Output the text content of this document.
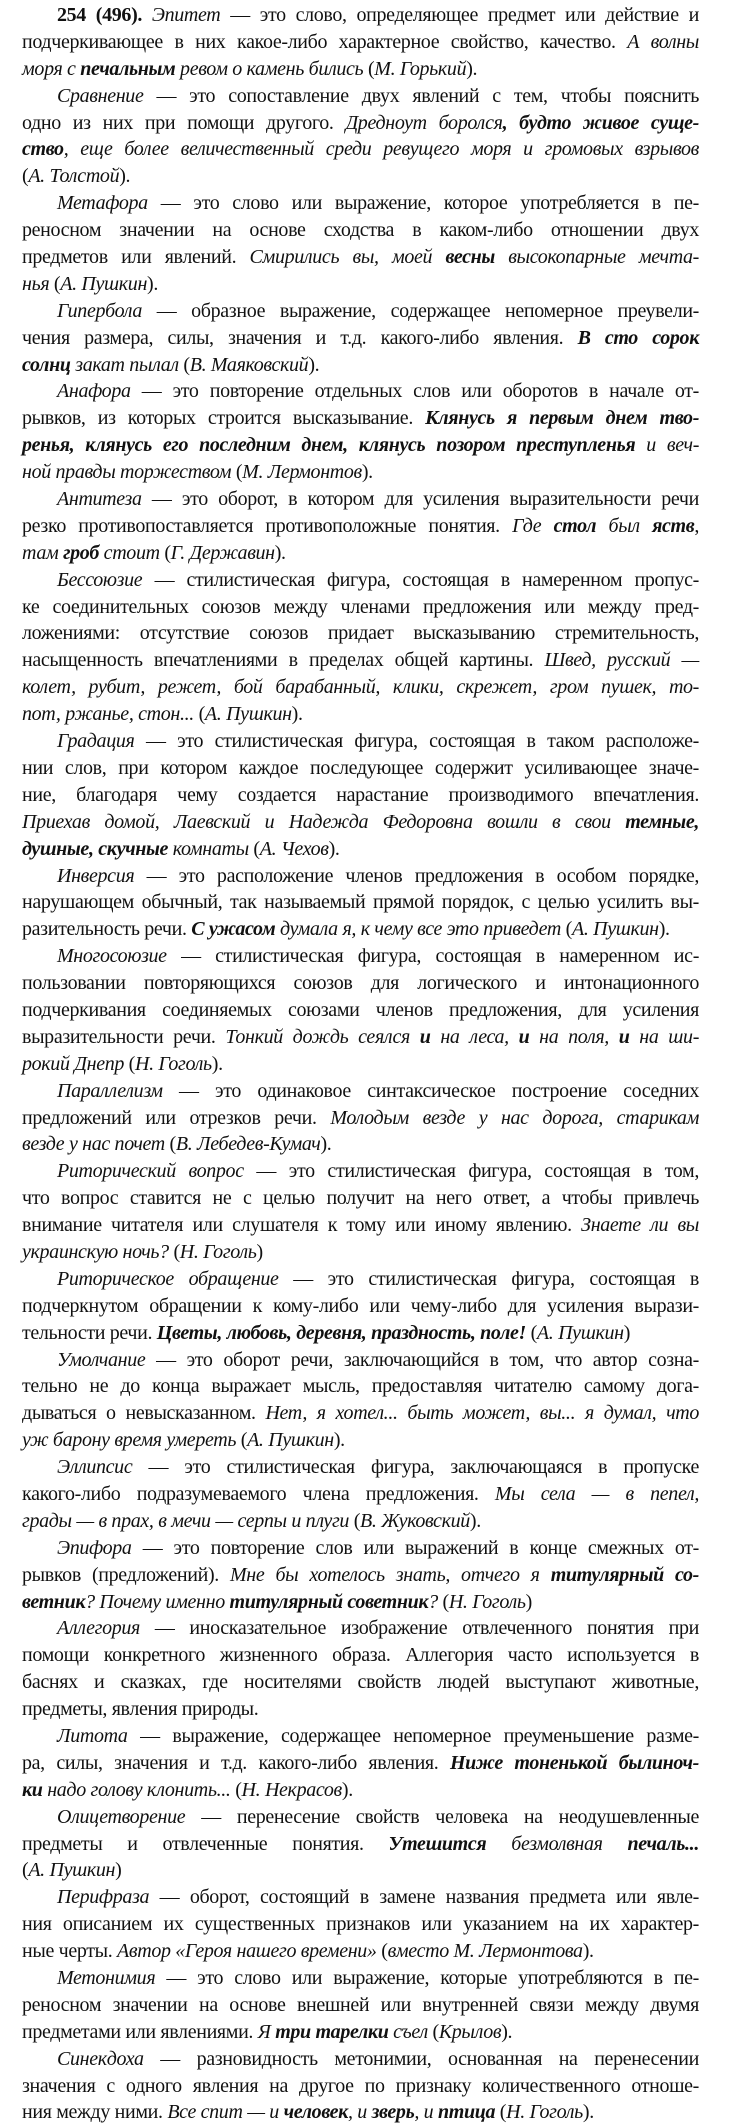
254 (496). Эпитет — это слово, определяющее предмет или действие и
подчеркивающее в них какое-либо характерное свойство, качество. А волны
моря с печальным ревом о камень бились (М. Горький).
Сравнение — это сопоставление двух явлений с тем, чтобы пояснить
одно из них при помощи другого. Дредноут боролся, будто живое суще-
ство, еще более величественный среди ревущего моря и громовых взрывов
(А. Толстой).
Метафора — это слово или выражение, которое употребляется в пе-
реносном значении на основе сходства в каком-либо отношении двух
предметов или явлений. Смирились вы, моей весны высокопарные мечта-
нья (А. Пушкин).
Гипербола — образное выражение, содержащее непомерное преувели-
чения размера, силы, значения и т.д. какого-либо явления. В сто сорок
солнц закат пылал (В. Маяковский).
Анафора — это повторение отдельных слов или оборотов в начале от-
рывков, из которых строится высказывание. Клянусь я первым днем тво-
ренья, клянусь его последним днем, клянусь позором преступленья и веч-
ной правды торжеством (М. Лермонтов).
Антитеза — это оборот, в котором для усиления выразительности речи
резко противопоставляется противоположные понятия. Где стол был яств,
там гроб стоит (Г. Державин).
Бессоюзие — стилистическая фигура, состоящая в намеренном пропус-
ке соединительных союзов между членами предложения или между пред-
ложениями: отсутствие союзов придает высказыванию стремительность,
насыщенность впечатлениями в пределах общей картины. Швед, русский —
колет, рубит, режет, бой барабанный, клики, скрежет, гром пушек, то-
пот, ржанье, стон... (А. Пушкин).
Градация — это стилистическая фигура, состоящая в таком расположе-
нии слов, при котором каждое последующее содержит усиливающее значе-
ние, благодаря чему создается нарастание производимого впечатления.
Приехав домой, Лаевский и Надежда Федоровна вошли в свои темные,
душные, скучные комнаты (А. Чехов).
Инверсия — это расположение членов предложения в особом порядке,
нарушающем обычный, так называемый прямой порядок, с целью усилить вы-
разительность речи. С ужасом думала я, к чему все это приведет (А. Пушкин).
Многосоюзие — стилистическая фигура, состоящая в намеренном ис-
пользовании повторяющихся союзов для логического и интонационного
подчеркивания соединяемых союзами членов предложения, для усиления
выразительности речи. Тонкий дождь сеялся и на леса, и на поля, и на ши-
рокий Днепр (Н. Гоголь).
Параллелизм — это одинаковое синтаксическое построение соседних
предложений или отрезков речи. Молодым везде у нас дорога, старикам
везде у нас почет (В. Лебедев-Кумач).
Риторический вопрос — это стилистическая фигура, состоящая в том,
что вопрос ставится не с целью получит на него ответ, а чтобы привлечь
внимание читателя или слушателя к тому или иному явлению. Знаете ли вы
украинскую ночь? (Н. Гоголь)
Риторическое обращение — это стилистическая фигура, состоящая в
подчеркнутом обращении к кому-либо или чему-либо для усиления вырази-
тельности речи. Цветы, любовь, деревня, праздность, поле! (А. Пушкин)
Умолчание — это оборот речи, заключающийся в том, что автор созна-
тельно не до конца выражает мысль, предоставляя читателю самому дога-
дываться о невысказанном. Нет, я хотел... быть может, вы... я думал, что
уж барону время умереть (А. Пушкин).
Эллипсис — это стилистическая фигура, заключающаяся в пропуске
какого-либо подразумеваемого члена предложения. Мы села — в пепел,
грады — в прах, в мечи — серпы и плуги (В. Жуковский).
Эпифора — это повторение слов или выражений в конце смежных от-
рывков (предложений). Мне бы хотелось знать, отчего я титулярный со-
ветник? Почему именно титулярный советник? (Н. Гоголь)
Аллегория — иносказательное изображение отвлеченного понятия при
помощи конкретного жизненного образа. Аллегория часто используется в
баснях и сказках, где носителями свойств людей выступают животные,
предметы, явления природы.
Литота — выражение, содержащее непомерное преуменьшение разме-
ра, силы, значения и т.д. какого-либо явления. Ниже тоненькой былиноч-
ки надо голову клонить... (Н. Некрасов).
Олицетворение — перенесение свойств человека на неодушевленные
предметы и отвлеченные понятия. Утешится безмолвная печаль...
(А. Пушкин)
Перифраза — оборот, состоящий в замене названия предмета или явле-
ния описанием их существенных признаков или указанием на их характер-
ные черты. Автор «Героя нашего времени» (вместо М. Лермонтова).
Метонимия — это слово или выражение, которые употребляются в пе-
реносном значении на основе внешней или внутренней связи между двумя
предметами или явлениями. Я три тарелки съел (Крылов).
Синекдоха — разновидность метонимии, основанная на перенесении
значения с одного явления на другое по признаку количественного отноше-
ния между ними. Все спит — и человек, и зверь, и птица (Н. Гоголь).
